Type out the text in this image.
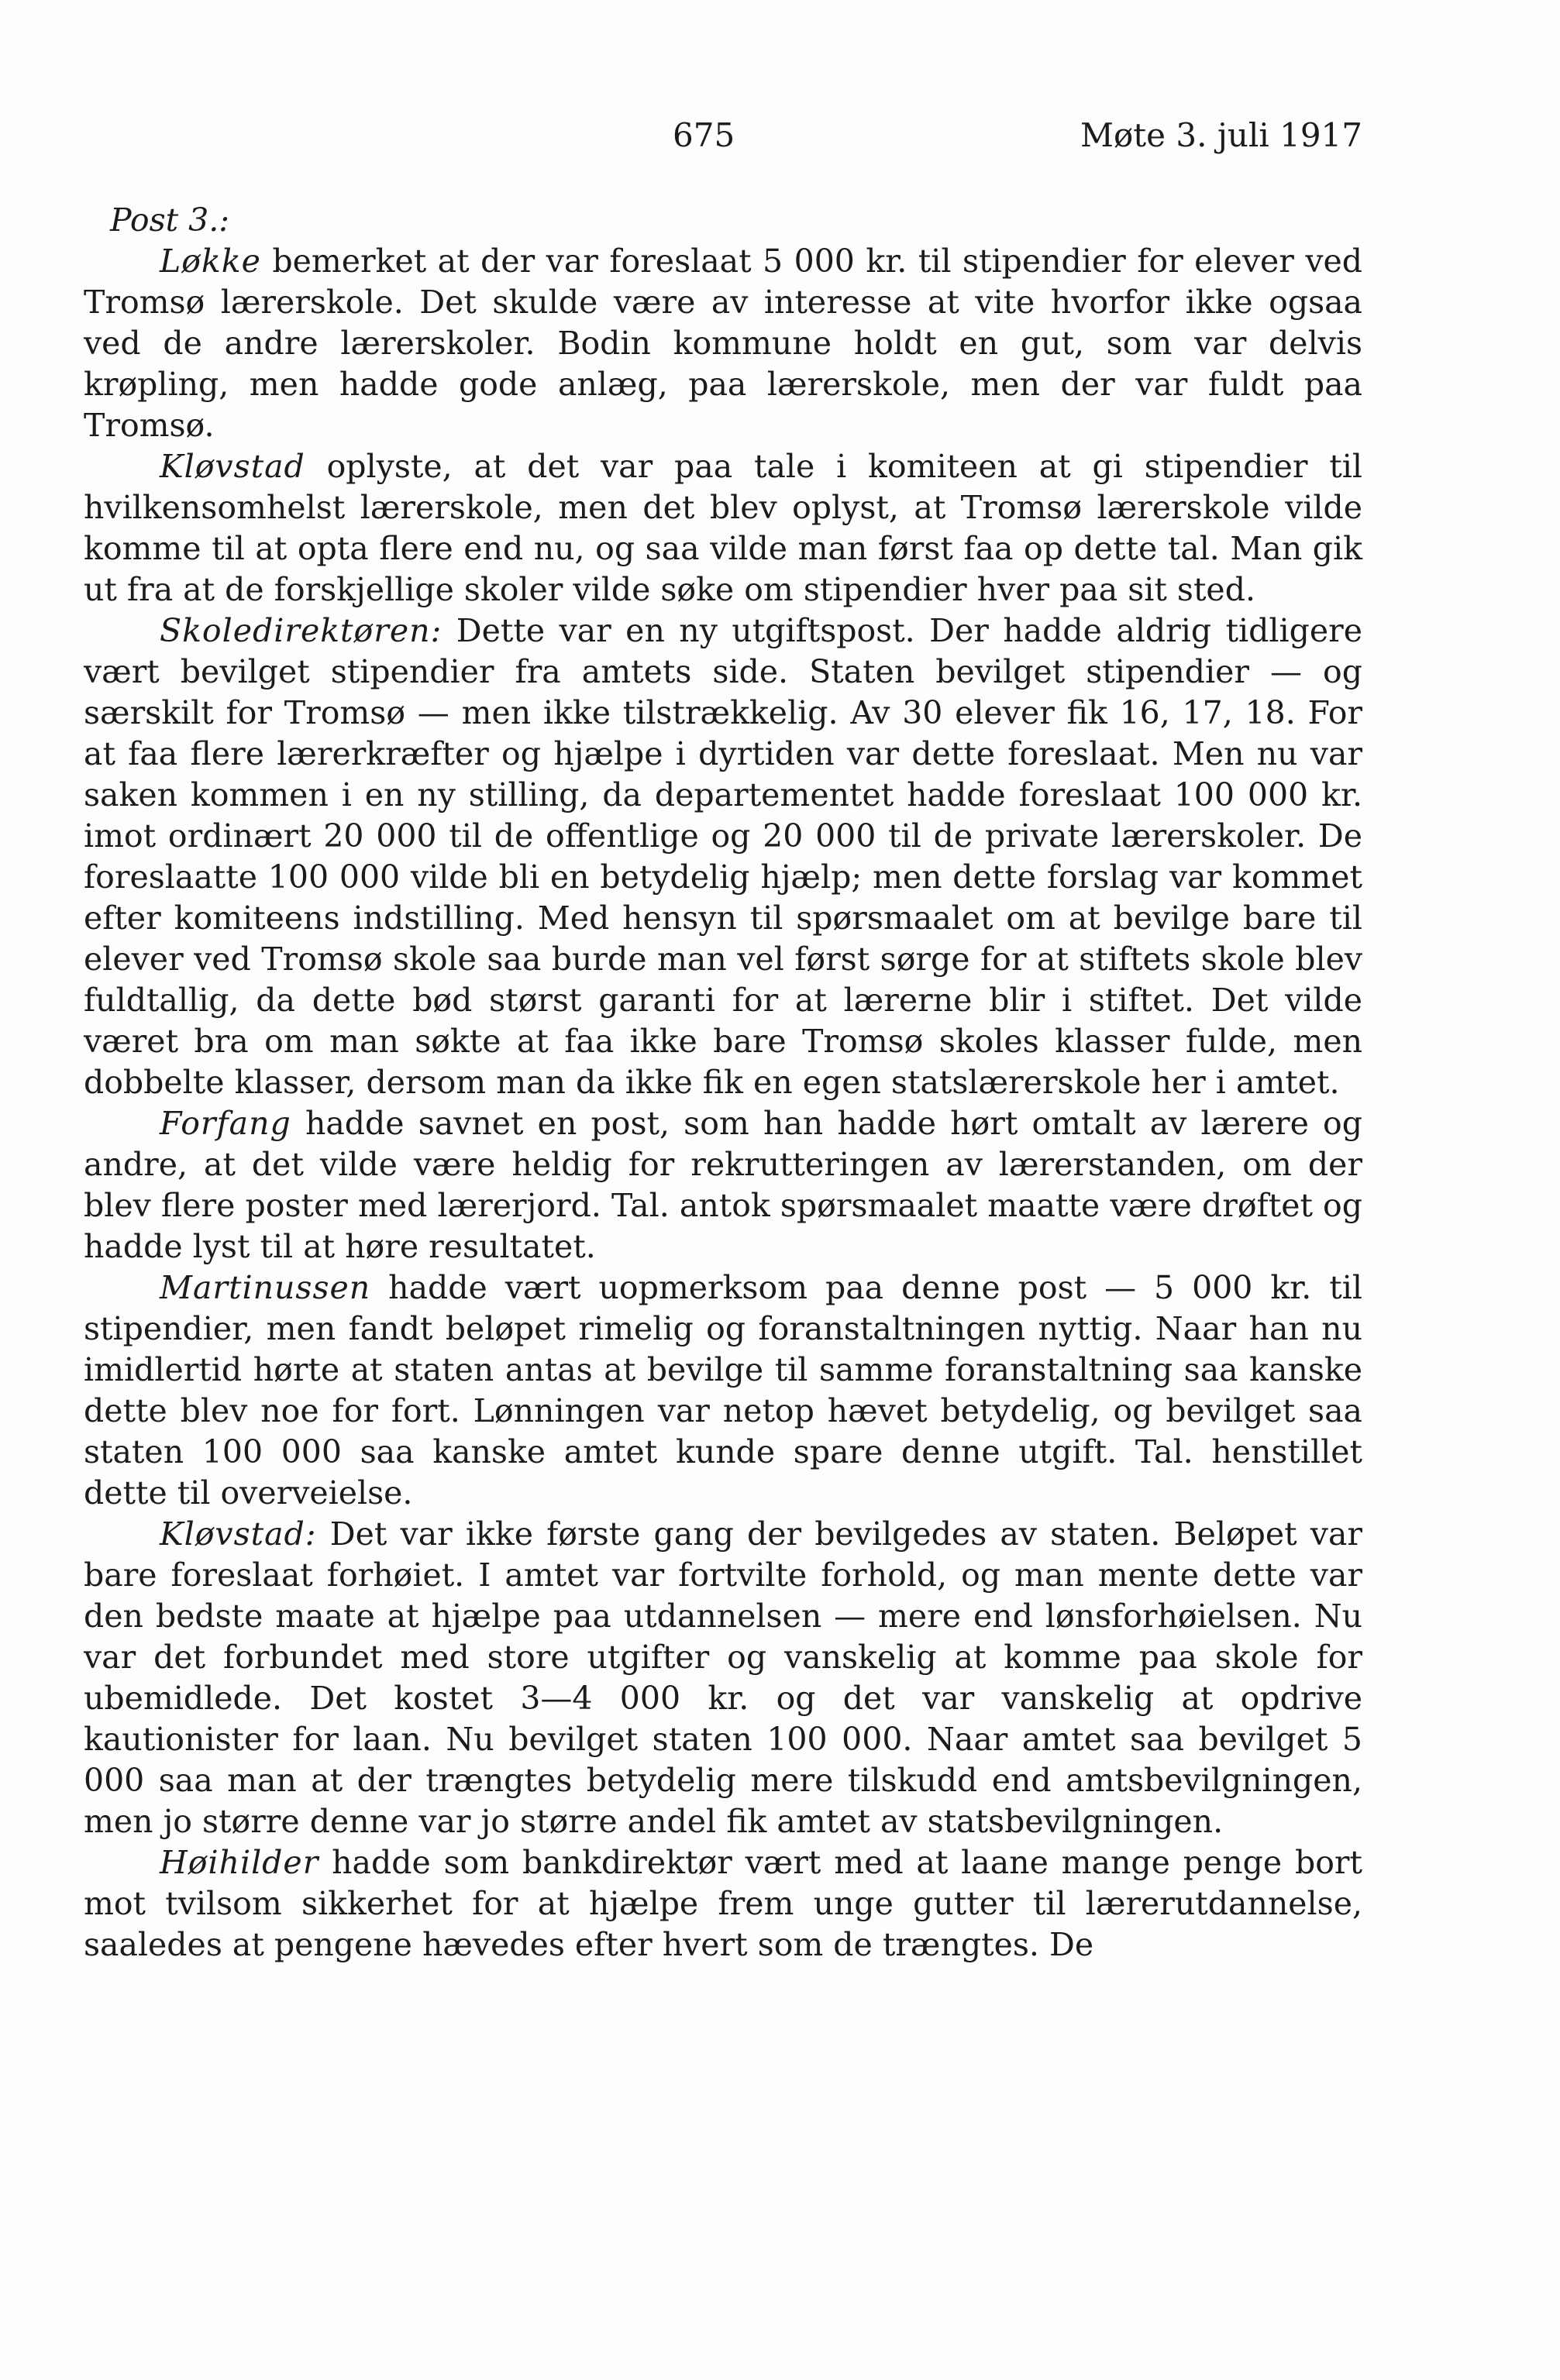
675	Møte 3. juli 1917

Post 3.:

Løkke bemerket at der var foreslaat 5 000 kr. til stipendier for elever ved Tromsø lærerskole. Det skulde være av interesse at vite hvorfor ikke ogsaa ved de andre lærerskoler. Bodin kommune holdt en gut, som var delvis krøpling, men hadde gode anlæg, paa lærerskole, men der var fuldt paa Tromsø.

Kløvstad oplyste, at det var paa tale i komiteen at gi stipendier til hvilkensomhelst lærerskole, men det blev oplyst, at Tromsø lærerskole vilde komme til at opta flere end nu, og saa vilde man først faa op dette tal. Man gik ut fra at de forskjellige skoler vilde søke om stipendier hver paa sit sted.

Skoledirektøren: Dette var en ny utgiftspost. Der hadde aldrig tidligere vært bevilget stipendier fra amtets side. Staten bevilget stipendier — og særskilt for Tromsø — men ikke tilstrækkelig. Av 30 elever fik 16, 17, 18. For at faa flere lærerkræfter og hjælpe i dyrtiden var dette foreslaat. Men nu var saken kommen i en ny stilling, da departementet hadde foreslaat 100 000 kr. imot ordinært 20 000 til de offentlige og 20 000 til de private lærerskoler. De foreslaatte 100 000 vilde bli en betydelig hjælp; men dette forslag var kommet efter komiteens indstilling. Med hensyn til spørsmaalet om at bevilge bare til elever ved Tromsø skole saa burde man vel først sørge for at stiftets skole blev fuldtallig, da dette bød størst garanti for at lærerne blir i stiftet. Det vilde været bra om man søkte at faa ikke bare Tromsø skoles klasser fulde, men dobbelte klasser, dersom man da ikke fik en egen statslærerskole her i amtet.

Forfang hadde savnet en post, som han hadde hørt omtalt av lærere og andre, at det vilde være heldig for rekrutteringen av lærerstanden, om der blev flere poster med lærerjord. Tal. antok spørsmaalet maatte være drøftet og hadde lyst til at høre resultatet.

Martinussen hadde vært uopmerksom paa denne post — 5 000 kr. til stipendier, men fandt beløpet rimelig og foranstaltningen nyttig. Naar han nu imidlertid hørte at staten antas at bevilge til samme foranstaltning saa kanske dette blev noe for fort. Lønningen var netop hævet betydelig, og bevilget saa staten 100 000 saa kanske amtet kunde spare denne utgift. Tal. henstillet dette til overveielse.

Kløvstad: Det var ikke første gang der bevilgedes av staten. Beløpet var bare foreslaat forhøiet. I amtet var fortvilte forhold, og man mente dette var den bedste maate at hjælpe paa utdannelsen — mere end lønsforhøielsen. Nu var det forbundet med store utgifter og vanskelig at komme paa skole for ubemidlede. Det kostet 3—4 000 kr. og det var vanskelig at opdrive kautionister for laan. Nu bevilget staten 100 000. Naar amtet saa bevilget 5 000 saa man at der trængtes betydelig mere tilskudd end amtsbevilgningen, men jo større denne var jo større andel fik amtet av statsbevilgningen.

Høihilder hadde som bankdirektør vært med at laane mange penge bort mot tvilsom sikkerhet for at hjælpe frem unge gutter til lærerutdannelse, saaledes at pengene hævedes efter hvert som de trængtes. De
